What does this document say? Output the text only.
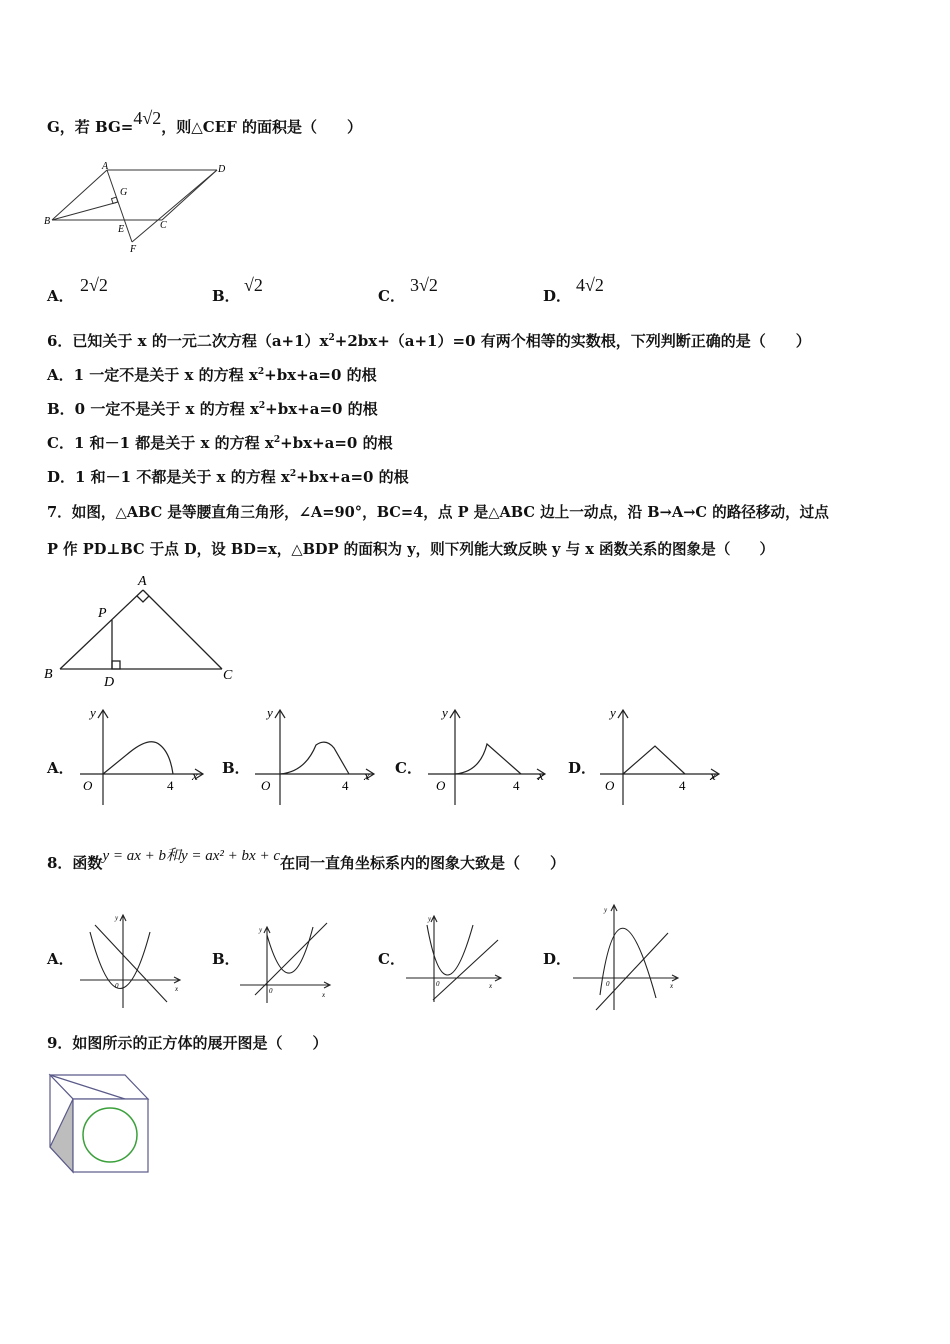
G，若 BG=4√2，则△CEF 的面积是（　　）
A	D
G
B
E	C
F
A．
2√2
B．
√2
C．
3√2
D．
4√2
6．已知关于 x 的一元二次方程$(a+1)x^2+2bx+(a+1)=0$ 有两个相等的实数根，下列判断正确的是（　　）
A．1 一定不是关于 x 的方程 $x^2+bx+a=0$ 的根
B．0 一定不是关于 x 的方程 $x^2+bx+a=0$ 的根
C．1 和－1 都是关于 x 的方程 $x^2+bx+a=0$ 的根
D．1 和－1 不都是关于 x 的方程 $x^2+bx+a=0$ 的根
7．如图，△ABC 是等腰直角三角形，∠A=90°，BC=4，点 P 是△ABC 边上一动点，沿 B→A→C 的路径移动，过点
P 作 PD⊥BC 于点 D，设 BD=x，△BDP 的面积为 y，则下列能大致反映 y 与 x 函数关系的图象是（　　）
A
P
B
D	C
A．
y
x
O	4
B．
y
x
O	4
C．
y
x
O	4
D．
y
x
O	4
8．函数y = ax + b和y = ax² + bx + c在同一直角坐标系内的图象大致是（　　）
A．
y
x
0
B．
y
x
0
C．
y
x
0
D．
y
x
0
9．如图所示的正方体的展开图是（　　）
